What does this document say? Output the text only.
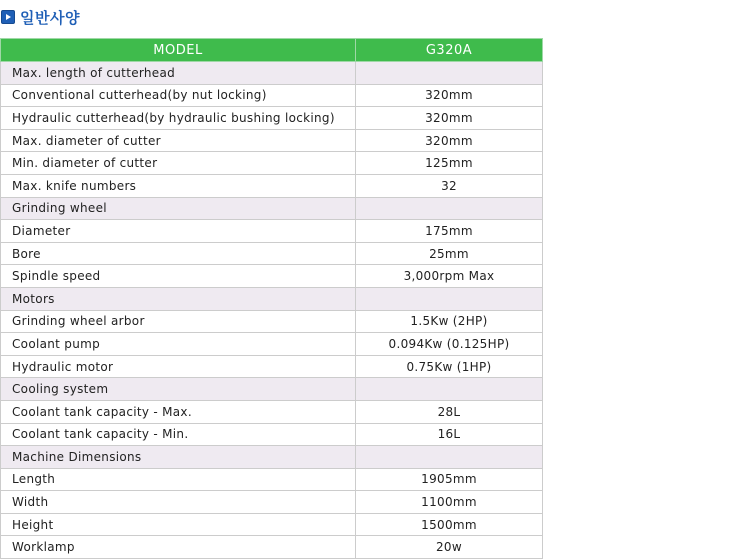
일반사양
MODEL	G320A
Max. length of cutterhead	
Conventional cutterhead(by nut locking)	320mm
Hydraulic cutterhead(by hydraulic bushing locking)	320mm
Max. diameter of cutter	320mm
Min. diameter of cutter	125mm
Max. knife numbers	32
Grinding wheel	
Diameter	175mm
Bore	25mm
Spindle speed	3,000rpm Max
Motors	
Grinding wheel arbor	1.5Kw (2HP)
Coolant pump	0.094Kw (0.125HP)
Hydraulic motor	0.75Kw (1HP)
Cooling system	
Coolant tank capacity - Max.	28L
Coolant tank capacity - Min.	16L
Machine Dimensions	
Length	1905mm
Width	1100mm
Height	1500mm
Worklamp	20w
